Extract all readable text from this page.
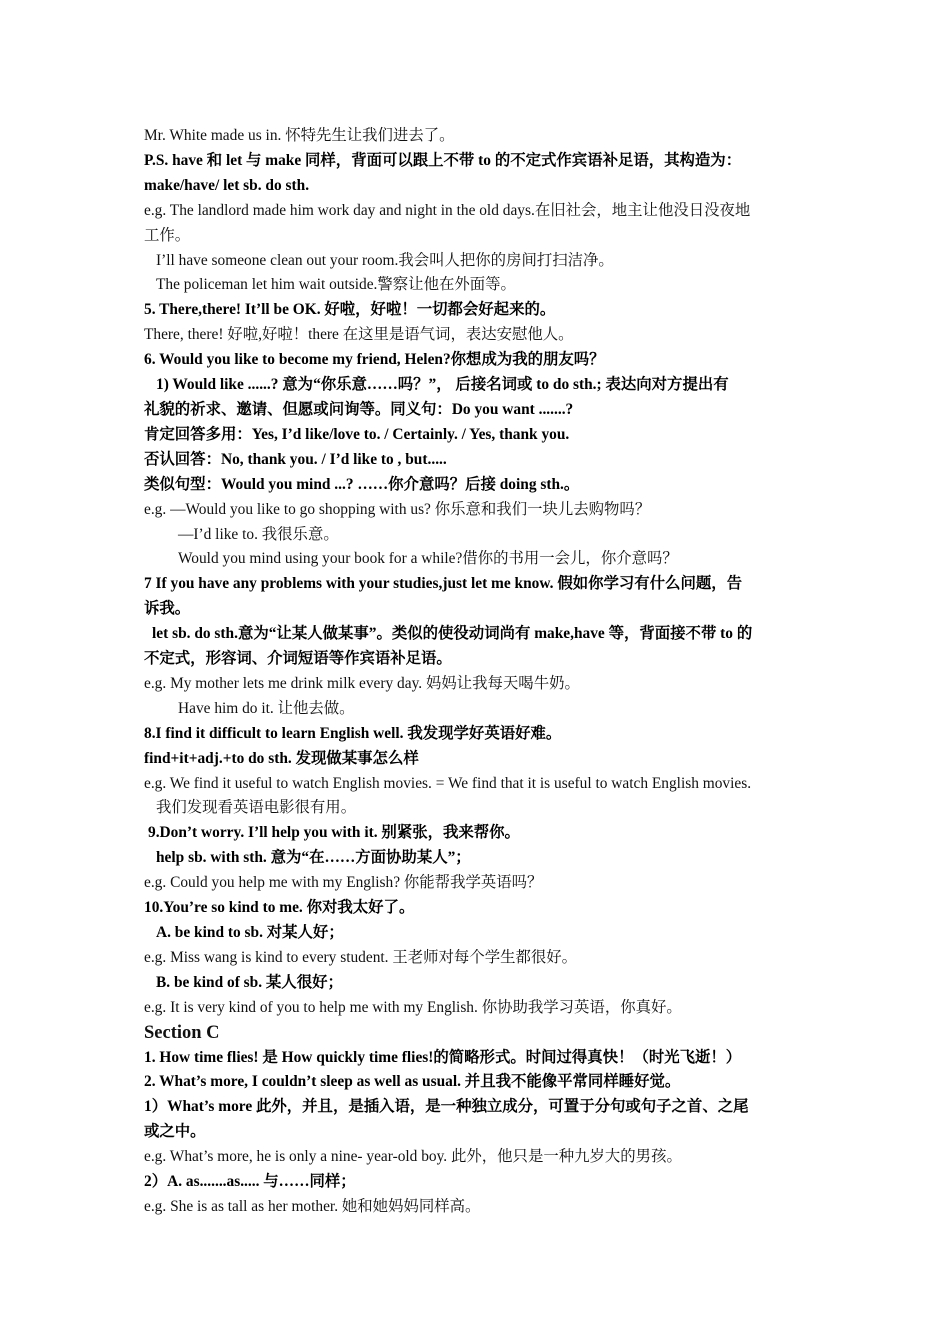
Mr. White made us in. 怀特先生让我们进去了。
P.S. have 和 let 与 make 同样，背面可以跟上不带 to 的不定式作宾语补足语，其构造为：
make/have/ let sb. do sth.
e.g. The landlord made him work day and night in the old days.在旧社会，地主让他没日没夜地
工作。
I’ll have someone clean out your room.我会叫人把你的房间打扫洁净。
The policeman let him wait outside.警察让他在外面等。
5. There,there! It’ll be OK. 好啦，好啦！一切都会好起来的。
There, there! 好啦,好啦！there 在这里是语气词，表达安慰他人。
6. Would you like to become my friend, Helen?你想成为我的朋友吗？
1) Would like ......? 意为“你乐意……吗？”， 后接名词或 to do sth.; 表达向对方提出有
礼貌的祈求、邀请、但愿或问询等。同义句：Do you want .......?
肯定回答多用：Yes, I’d like/love to. / Certainly. / Yes, thank you.
否认回答：No, thank you. / I’d like to , but.....
类似句型：Would you mind ...? ……你介意吗？后接 doing sth.。
e.g. —Would you like to go shopping with us? 你乐意和我们一块儿去购物吗？
—I’d like to. 我很乐意。
Would you mind using your book for a while?借你的书用一会儿，你介意吗？
7 If you have any problems with your studies,just let me know. 假如你学习有什么问题，告
诉我。
let sb. do sth.意为“让某人做某事”。类似的使役动词尚有 make,have 等，背面接不带 to 的
不定式，形容词、介词短语等作宾语补足语。
e.g. My mother lets me drink milk every day. 妈妈让我每天喝牛奶。
Have him do it. 让他去做。
8.I find it difficult to learn English well. 我发现学好英语好难。
find+it+adj.+to do sth. 发现做某事怎么样
e.g. We find it useful to watch English movies. = We find that it is useful to watch English movies.
我们发现看英语电影很有用。
9.Don’t worry. I’ll help you with it. 别紧张，我来帮你。
help sb. with sth. 意为“在……方面协助某人”；
e.g. Could you help me with my English? 你能帮我学英语吗？
10.You’re so kind to me. 你对我太好了。
A. be kind to sb. 对某人好；
e.g. Miss wang is kind to every student. 王老师对每个学生都很好。
B. be kind of sb. 某人很好；
e.g. It is very kind of you to help me with my English. 你协助我学习英语，你真好。
Section C
1. How time flies! 是 How quickly time flies!的简略形式。时间过得真快！（时光飞逝！）
2. What’s more, I couldn’t sleep as well as usual. 并且我不能像平常同样睡好觉。
1）What’s more 此外，并且，是插入语，是一种独立成分，可置于分句或句子之首、之尾
或之中。
e.g. What’s more, he is only a nine- year-old boy. 此外，他只是一种九岁大的男孩。
2）A. as.......as..... 与……同样；
e.g. She is as tall as her mother. 她和她妈妈同样高。
